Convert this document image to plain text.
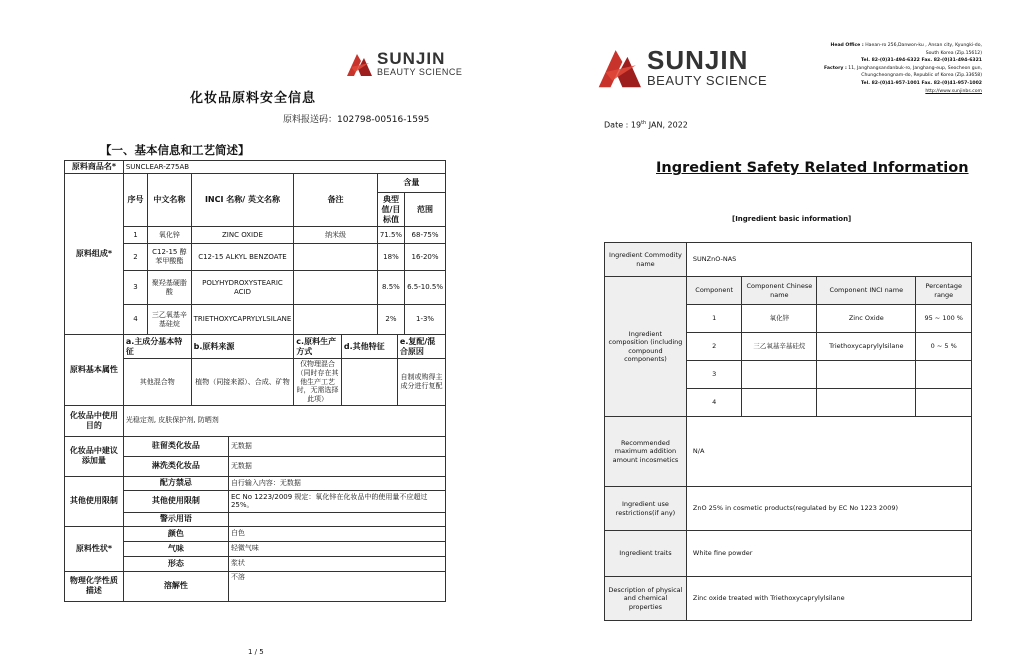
SUNJIN
BEAUTY SCIENCE
化妆品原料安全信息
原料报送码：102798-00516-1595
【一、基本信息和工艺简述】
原料商品名*	SUNCLEAR-Z75AB								
原料组成*	序号	中文名称	INCI 名称/ 英文名称		备注		含量		
							典型值/目标值		范围
	1	氧化锌	ZINC OXIDE		纳米级		71.5%		68-75%
	2	C12-15 醇苯甲酸酯	C12-15 ALKYL BENZOATE				18%		16-20%
	3	聚羟基硬脂酸	POLYHYDROXYSTEARIC ACID				8.5%		6.5-10.5%
	4	三乙氧基辛基硅烷	TRIETHOXYCAPRYLYLSILANE				2%		1-3%
原料基本属性	a.主成分基本特征		b.原料来源		c.原料生产方式	d.其他特征		e.复配/混合原因	
	其他混合物		植物（同接来源）、合成、矿物		仅物理混合（同时存在其他生产工艺时，无需选择此项）			自制或购得主成分进行复配	
化妆品中使用目的	光稳定剂, 皮肤保护剂, 防晒剂								
化妆品中建议添加量	驻留类化妆品			无数据					
	淋洗类化妆品			无数据					
其他使用限制	配方禁忌			自行输入内容：无数据					
	其他使用限制			EC No 1223/2009 规定：氧化锌在化妆品中的使用量不应超过 25%。					
	警示用语								
原料性状*	颜色			白色					
	气味			轻微气味					
	形态			浆状					
物理化学性质描述	溶解性			不溶					
1 / 5
SUNJIN
BEAUTY SCIENCE
Head Office : Haean-ro 256,Danwon-ku , Ansan city, Kyungki-do, South Korea (Zip.15612)
Tel. 82-(0)31-494-6322 Fax. 82-(0)31-494-6321
Factory : 11, Janghangsandanbuk-ro, Janghang-eup, Seocheon gun, Chungcheongnam-do, Republic of Korea (Zip.33658)
Tel. 82-(0)41-957-1001 Fax. 82-(0)41-957-1002
http://www.sunjinbs.com
Date : 19th JAN, 2022
Ingredient Safety Related Information
[Ingredient basic information]
Ingredient Commodity name	SUNZnO-NAS			
Ingredient composition (including compound components)	Component	Component Chinese name	Component INCI name	Percentage range
	1	氧化锌	Zinc Oxide	95 ~ 100 %
	2	三乙氧基辛基硅烷	Triethoxycaprylylsilane	0 ~ 5 %
	3			
	4			
Recommended maximum addition amount incosmetics	N/A			
Ingredient use restrictions(if any)	ZnO 25% in cosmetic products(regulated by EC No 1223 2009)			
Ingredient traits	White fine powder			
Description of physical and chemical properties	Zinc oxide treated with Triethoxycaprylylsilane			
